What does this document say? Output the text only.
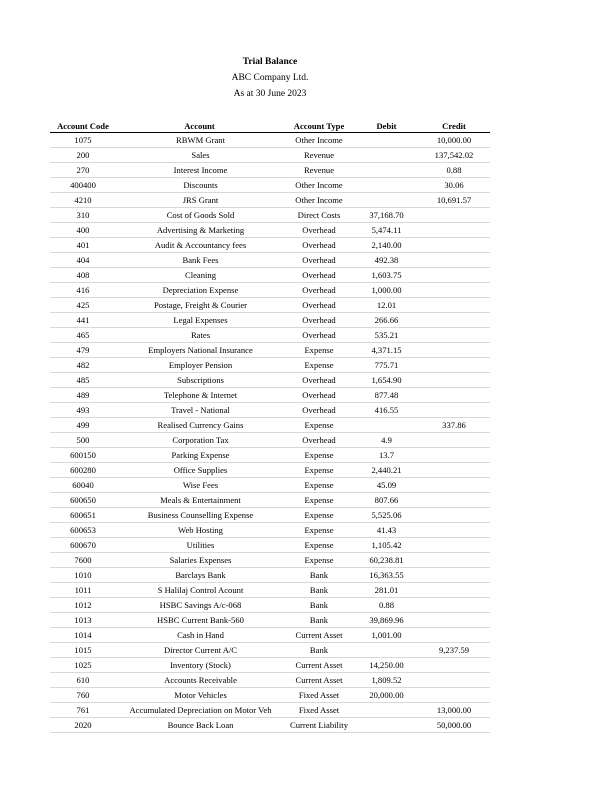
Trial Balance
ABC Company Ltd.
As at 30 June 2023
Account Code	Account	Account Type	Debit	Credit
1075	RBWM Grant	Other Income		10,000.00
200	Sales	Revenue		137,542.02
270	Interest Income	Revenue		0.88
400400	Discounts	Other Income		30.06
4210	JRS Grant	Other Income		10,691.57
310	Cost of Goods Sold	Direct Costs	37,168.70	
400	Advertising & Marketing	Overhead	5,474.11	
401	Audit & Accountancy fees	Overhead	2,140.00	
404	Bank Fees	Overhead	492.38	
408	Cleaning	Overhead	1,603.75	
416	Depreciation Expense	Overhead	1,000.00	
425	Postage, Freight & Courier	Overhead	12.01	
441	Legal Expenses	Overhead	266.66	
465	Rates	Overhead	535.21	
479	Employers National Insurance	Expense	4,371.15	
482	Employer Pension	Expense	775.71	
485	Subscriptions	Overhead	1,654.90	
489	Telephone & Internet	Overhead	877.48	
493	Travel - National	Overhead	416.55	
499	Realised Currency Gains	Expense		337.86
500	Corporation Tax	Overhead	4.9	
600150	Parking Expense	Expense	13.7	
600280	Office Supplies	Expense	2,440.21	
60040	Wise Fees	Expense	45.09	
600650	Meals & Entertainment	Expense	807.66	
600651	Business Counselling Expense	Expense	5,525.06	
600653	Web Hosting	Expense	41.43	
600670	Utilities	Expense	1,105.42	
7600	Salaries Expenses	Expense	60,238.81	
1010	Barclays Bank	Bank	16,363.55	
1011	S Halilaj Control Acount	Bank	281.01	
1012	HSBC Savings A/c-068	Bank	0.88	
1013	HSBC Current Bank-560	Bank	39,869.96	
1014	Cash in Hand	Current Asset	1,001.00	
1015	Director Current A/C	Bank		9,237.59
1025	Inventory (Stock)	Current Asset	14,250.00	
610	Accounts Receivable	Current Asset	1,809.52	
760	Motor Vehicles	Fixed Asset	20,000.00	
761	Accumulated Depreciation on Motor Veh	Fixed Asset		13,000.00
2020	Bounce Back Loan	Current Liability		50,000.00
